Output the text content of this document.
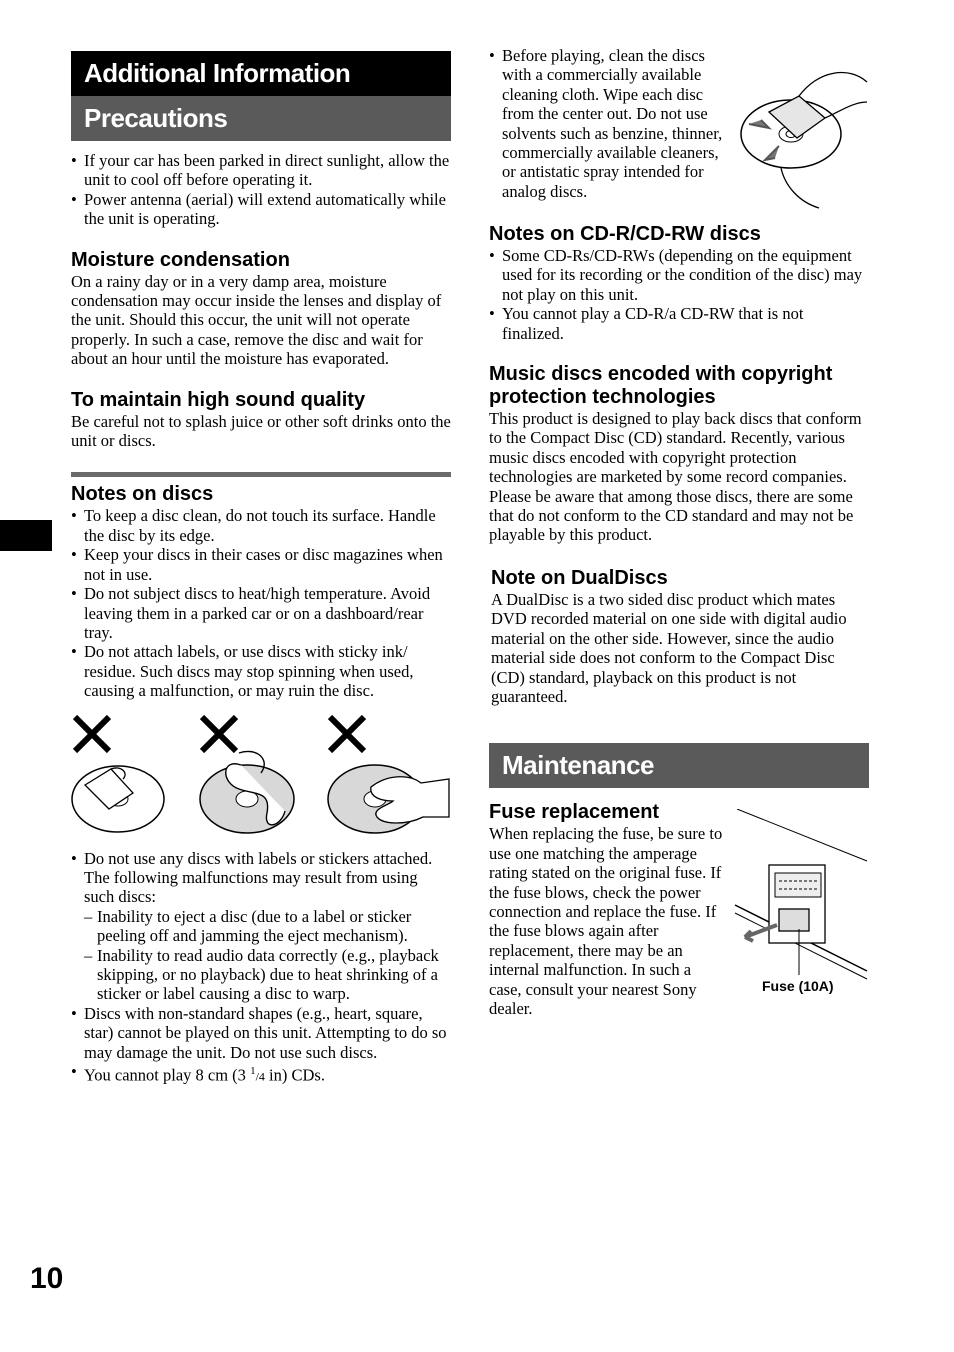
Additional Information
Precautions
• If your car has been parked in direct sunlight, allow the unit to cool off before operating it.
• Power antenna (aerial) will extend automatically while the unit is operating.
Moisture condensation

On a rainy day or in a very damp area, moisture condensation may occur inside the lenses and display of the unit. Should this occur, the unit will not operate properly. In such a case, remove the disc and wait for about an hour until the moisture has evaporated.

To maintain high sound quality

Be careful not to splash juice or other soft drinks onto the unit or discs.

Notes on discs
• To keep a disc clean, do not touch its surface. Handle the disc by its edge.
• Keep your discs in their cases or disc magazines when not in use.
• Do not subject discs to heat/high temperature. Avoid leaving them in a parked car or on a dashboard/rear tray.
• Do not attach labels, or use discs with sticky ink/ residue. Such discs may stop spinning when used, causing a malfunction, or may ruin the disc.
• Do not use any discs with labels or stickers attached.
The following malfunctions may result from using such discs:
– Inability to eject a disc (due to a label or sticker peeling off and jamming the eject mechanism).
– Inability to read audio data correctly (e.g., playback skipping, or no playback) due to heat shrinking of a sticker or label causing a disc to warp.
• Discs with non-standard shapes (e.g., heart, square, star) cannot be played on this unit. Attempting to do so may damage the unit. Do not use such discs.
• You cannot play 8 cm (3 $^1$/4 in) CDs.
• Before playing, clean the discs with a commercially available cleaning cloth. Wipe each disc from the center out. Do not use solvents such as benzine, thinner, commercially available cleaners, or antistatic spray intended for analog discs.
Notes on CD-R/CD-RW discs
• Some CD-Rs/CD-RWs (depending on the equipment used for its recording or the condition of the disc) may not play on this unit.
• You cannot play a CD-R/a CD-RW that is not finalized.
Music discs encoded with copyright protection technologies

This product is designed to play back discs that conform to the Compact Disc (CD) standard. Recently, various music discs encoded with copyright protection technologies are marketed by some record companies. Please be aware that among those discs, there are some that do not conform to the CD standard and may not be playable by this product.

Note on DualDiscs

A DualDisc is a two sided disc product which mates DVD recorded material on one side with digital audio material on the other side. However, since the audio material side does not conform to the Compact Disc (CD) standard, playback on this product is not guaranteed.

Maintenance
Fuse replacement

When replacing the fuse, be sure to use one matching the amperage rating stated on the original fuse. If the fuse blows, check the power connection and replace the fuse. If the fuse blows again after replacement, there may be an internal malfunction. In such a case, consult your nearest Sony dealer.

Fuse (10A)
10
